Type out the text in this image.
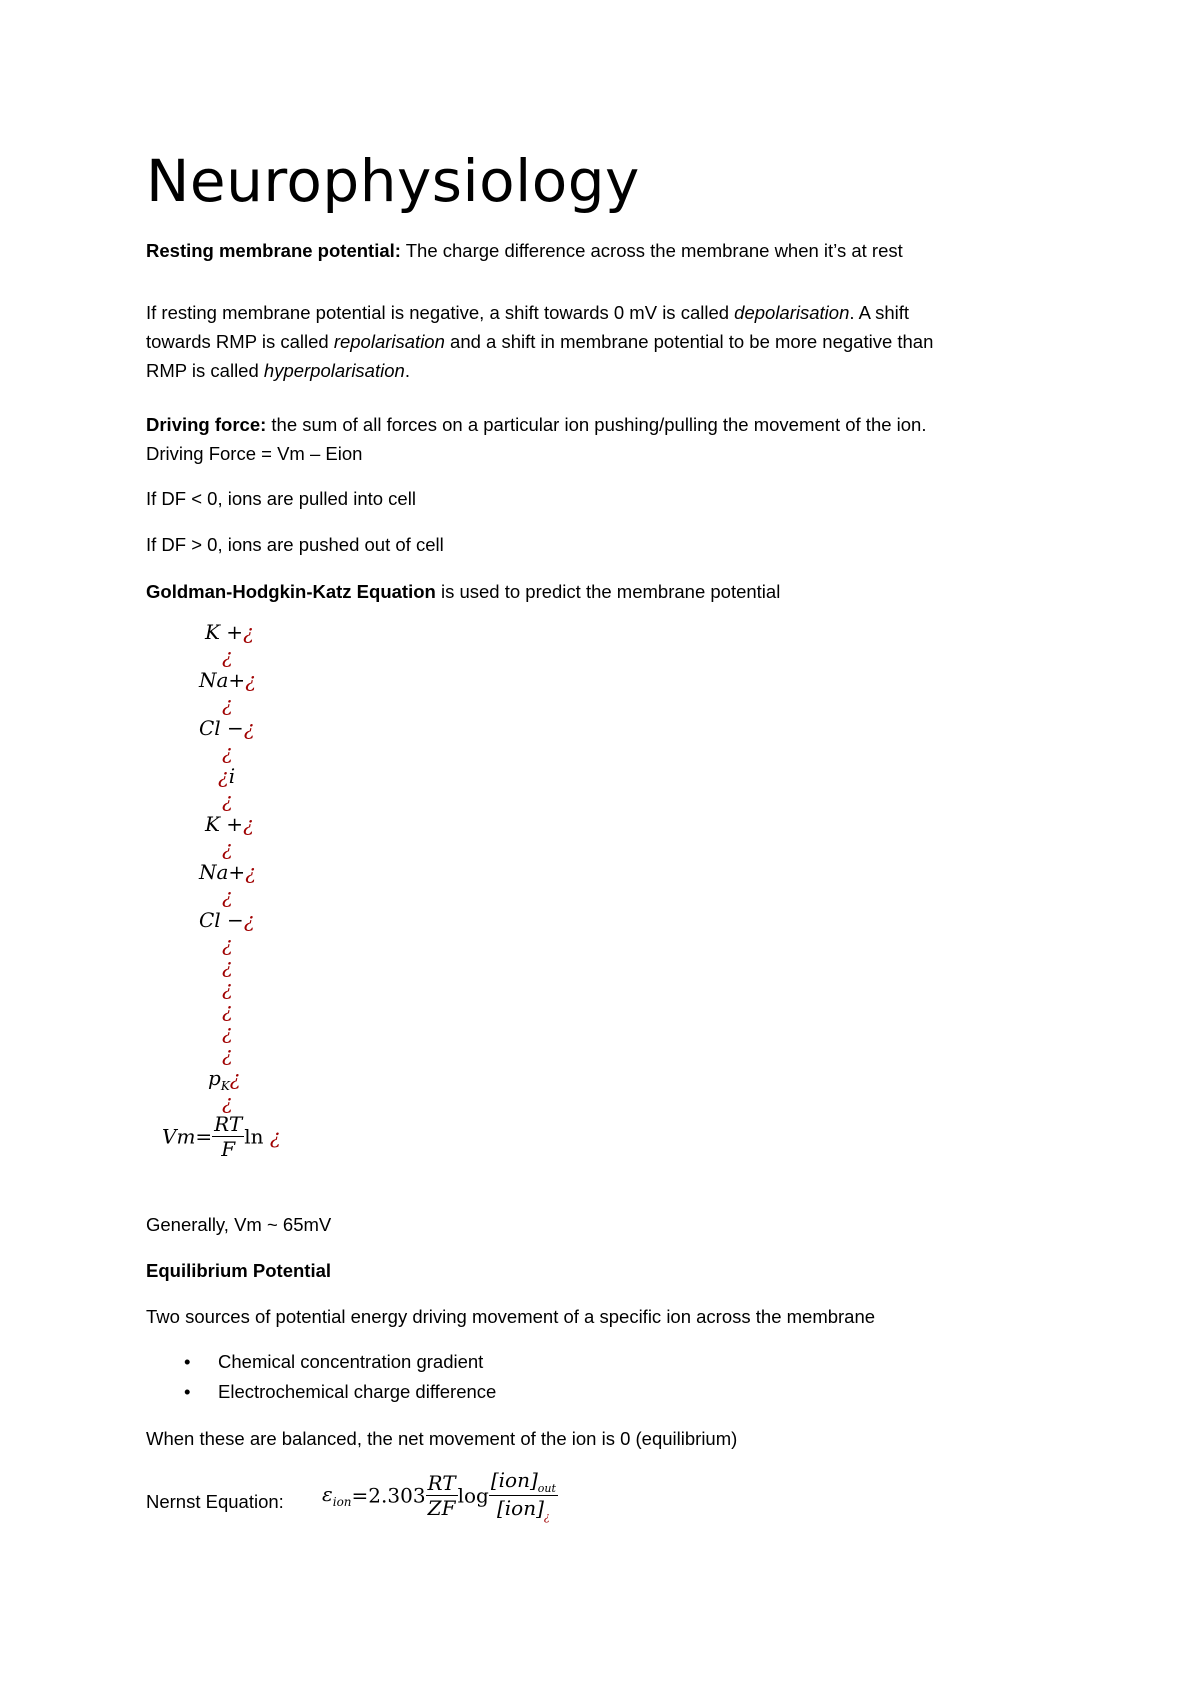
Neurophysiology
Resting membrane potential: The charge difference across the membrane when it’s at rest
If resting membrane potential is negative, a shift towards 0 mV is called depolarisation. A shift
towards RMP is called repolarisation and a shift in membrane potential to be more negative than
RMP is called hyperpolarisation.
Driving force: the sum of all forces on a particular ion pushing/pulling the movement of the ion.
Driving Force = Vm – Eion
If DF < 0, ions are pulled into cell
If DF > 0, ions are pushed out of cell
Goldman-Hodgkin-Katz Equation is used to predict the membrane potential
K +¿
¿
Na+¿
¿
Cl −¿
¿
¿i
¿
K +¿
¿
Na+¿
¿
Cl −¿
¿
¿
¿
¿
¿
¿
$p_K¿$
¿
$Vm= \frac{RT}{F}$ ln ¿
Generally, Vm ~ 65mV
Equilibrium Potential
Two sources of potential energy driving movement of a specific ion across the membrane
• Chemical concentration gradient
• Electrochemical charge difference
When these are balanced, the net movement of the ion is 0 (equilibrium)
Nernst Equation:	$\varepsilon_{ion}=2.303 \frac{RT}{ZF}$ $\log \frac{[ion]_{out}}{[ion]_¿}$
